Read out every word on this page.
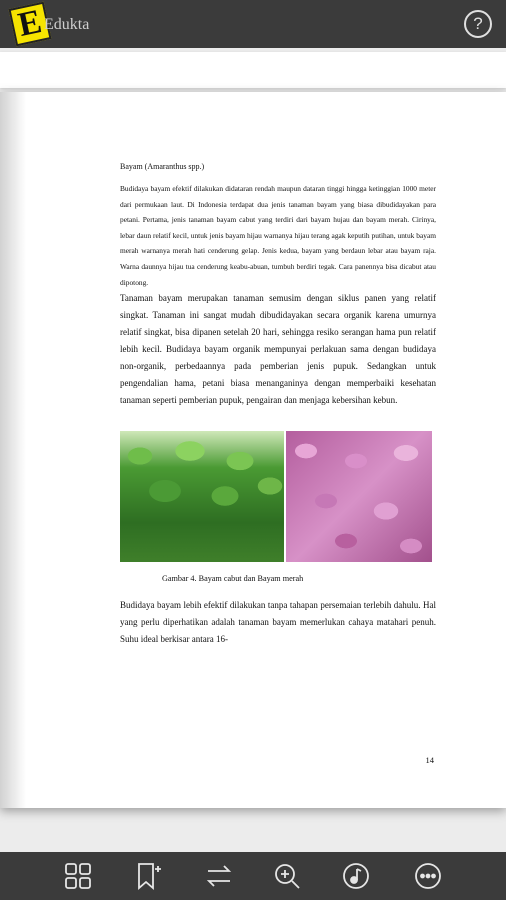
E Edukta	?
Bayam (Amaranthus spp.)

Budidaya bayam efektif dilakukan didataran rendah maupun dataran tinggi hingga ketinggian 1000 meter dari permukaan laut. Di Indonesia terdapat dua jenis tanaman bayam yang biasa dibudidayakan para petani. Pertama, jenis tanaman bayam cabut yang terdiri dari bayam hujau dan bayam merah. Cirinya, lebar daun relatif kecil, untuk jenis bayam hijau warnanya hijau terang agak keputih putihan, untuk bayam merah warnanya merah hati cenderung gelap. Jenis kedua, bayam yang berdaun lebar atau bayam raja. Warna daunnya hijau tua cenderung keabu-abuan, tumbuh berdiri tegak. Cara panennya bisa dicabut atau dipotong.

Tanaman bayam merupakan tanaman semusim dengan siklus panen yang relatif singkat. Tanaman ini sangat mudah dibudidayakan secara organik karena umurnya relatif singkat, bisa dipanen setelah 20 hari, sehingga resiko serangan hama pun relatif lebih kecil. Budidaya bayam organik mempunyai perlakuan sama dengan budidaya non-organik, perbedaannya pada pemberian jenis pupuk. Sedangkan untuk pengendalian hama, petani biasa menanganinya dengan memperbaiki kesehatan tanaman seperti pemberian pupuk, pengairan dan menjaga kebersihan kebun.

Gambar 4. Bayam cabut dan Bayam merah

Budidaya bayam lebih efektif dilakukan tanpa tahapan persemaian terlebih dahulu. Hal yang perlu diperhatikan adalah tanaman bayam memerlukan cahaya matahari penuh. Suhu ideal berkisar antara 16-

14
